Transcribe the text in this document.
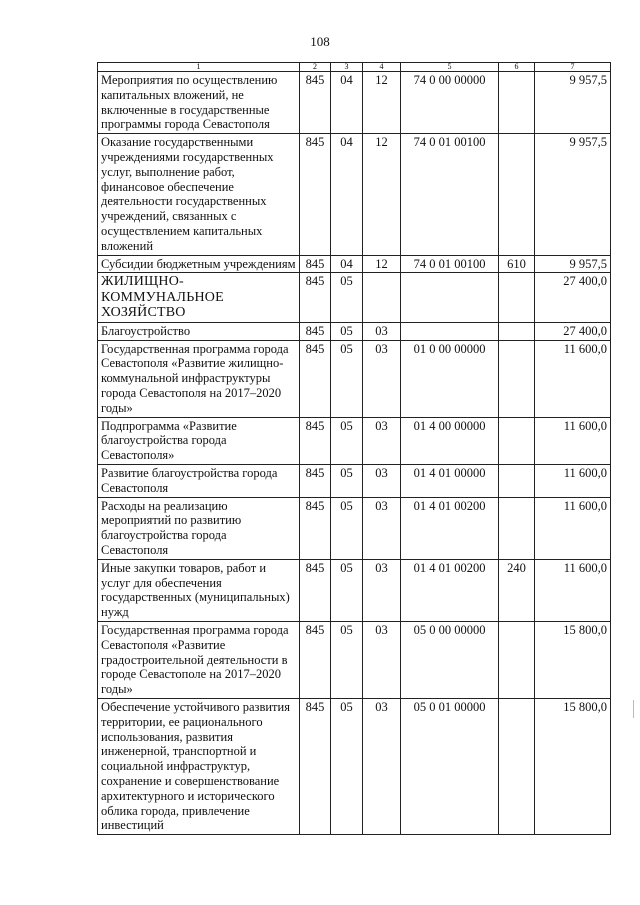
108
1	2	3	4	5	6	7
Мероприятия по осуществлению капитальных вложений, не включенные в государственные программы города Севастополя	845	04	12	74 0 00 00000		9 957,5
Оказание государственными учреждениями государственных услуг, выполнение работ, финансовое обеспечение деятельности государственных учреждений, связанных с осуществлением капитальных вложений	845	04	12	74 0 01 00100		9 957,5
Субсидии бюджетным учреждениям	845	04	12	74 0 01 00100	610	9 957,5
ЖИЛИЩНО-КОММУНАЛЬНОЕ ХОЗЯЙСТВО	845	05				27 400,0
Благоустройство	845	05	03			27 400,0
Государственная программа города Севастополя «Развитие жилищно-коммунальной инфраструктуры города Севастополя на 2017–2020 годы»	845	05	03	01 0 00 00000		11 600,0
Подпрограмма «Развитие благоустройства города Севастополя»	845	05	03	01 4 00 00000		11 600,0
Развитие благоустройства города Севастополя	845	05	03	01 4 01 00000		11 600,0
Расходы на реализацию мероприятий по развитию благоустройства города Севастополя	845	05	03	01 4 01 00200		11 600,0
Иные закупки товаров, работ и услуг для обеспечения государственных (муниципальных) нужд	845	05	03	01 4 01 00200	240	11 600,0
Государственная программа города Севастополя «Развитие градостроительной деятельности в городе Севастополе на 2017–2020 годы»	845	05	03	05 0 00 00000		15 800,0
Обеспечение устойчивого развития территории, ее рационального использования, развития инженерной, транспортной и социальной инфраструктур, сохранение и совершенствование архитектурного и исторического облика города, привлечение инвестиций	845	05	03	05 0 01 00000		15 800,0
